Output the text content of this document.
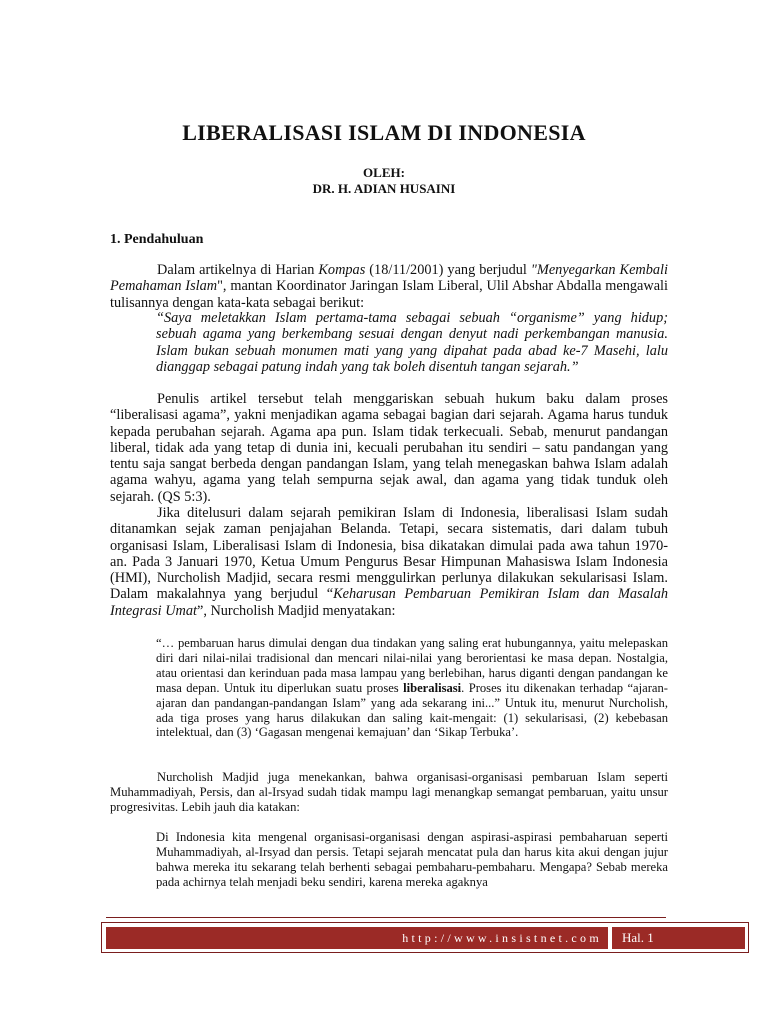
LIBERALISASI ISLAM DI INDONESIA
OLEH:
DR. H. ADIAN HUSAINI
1. Pendahuluan
Dalam artikelnya di Harian Kompas (18/11/2001) yang berjudul "Menyegarkan Kembali Pemahaman Islam", mantan Koordinator Jaringan Islam Liberal, Ulil Abshar Abdalla mengawali tulisannya dengan kata-kata sebagai berikut:
“Saya meletakkan Islam pertama-tama sebagai sebuah “organisme” yang hidup; sebuah agama yang berkembang sesuai dengan denyut nadi perkembangan manusia. Islam bukan sebuah monumen mati yang yang dipahat pada abad ke-7 Masehi, lalu dianggap sebagai patung indah yang tak boleh disentuh tangan sejarah.”
Penulis artikel tersebut telah menggariskan sebuah hukum baku dalam proses “liberalisasi agama”, yakni menjadikan agama sebagai bagian dari sejarah. Agama harus tunduk kepada perubahan sejarah. Agama apa pun. Islam tidak terkecuali. Sebab, menurut pandangan liberal, tidak ada yang tetap di dunia ini, kecuali perubahan itu sendiri – satu pandangan yang tentu saja sangat berbeda dengan pandangan Islam, yang telah menegaskan bahwa Islam adalah agama wahyu, agama yang telah sempurna sejak awal, dan agama yang tidak tunduk oleh sejarah. (QS 5:3).
Jika ditelusuri dalam sejarah pemikiran Islam di Indonesia, liberalisasi Islam sudah ditanamkan sejak zaman penjajahan Belanda. Tetapi, secara sistematis, dari dalam tubuh organisasi Islam, Liberalisasi Islam di Indonesia, bisa dikatakan dimulai pada awa tahun 1970-an. Pada 3 Januari 1970, Ketua Umum Pengurus Besar Himpunan Mahasiswa Islam Indonesia (HMI), Nurcholish Madjid, secara resmi menggulirkan perlunya dilakukan sekularisasi Islam. Dalam makalahnya yang berjudul “Keharusan Pembaruan Pemikiran Islam dan Masalah Integrasi Umat”, Nurcholish Madjid menyatakan:
“… pembaruan harus dimulai dengan dua tindakan yang saling erat hubungannya, yaitu melepaskan diri dari nilai-nilai tradisional dan mencari nilai-nilai yang berorientasi ke masa depan. Nostalgia, atau orientasi dan kerinduan pada masa lampau yang berlebihan, harus diganti dengan pandangan ke masa depan. Untuk itu diperlukan suatu proses liberalisasi. Proses itu dikenakan terhadap “ajaran-ajaran dan pandangan-pandangan Islam” yang ada sekarang ini...” Untuk itu, menurut Nurcholish, ada tiga proses yang harus dilakukan dan saling kait-mengait: (1) sekularisasi, (2) kebebasan intelektual, dan (3) ‘Gagasan mengenai kemajuan’ dan ‘Sikap Terbuka’.
Nurcholish Madjid juga menekankan, bahwa organisasi-organisasi pembaruan Islam seperti Muhammadiyah, Persis, dan al-Irsyad sudah tidak mampu lagi menangkap semangat pembaruan, yaitu unsur progresivitas. Lebih jauh dia katakan:
Di Indonesia kita mengenal organisasi-organisasi dengan aspirasi-aspirasi pembaharuan seperti Muhammadiyah, al-Irsyad dan persis. Tetapi sejarah mencatat pula dan harus kita akui dengan jujur bahwa mereka itu sekarang telah berhenti sebagai pembaharu-pembaharu. Mengapa? Sebab mereka pada achirnya telah menjadi beku sendiri, karena mereka agaknya
http://www.insistnet.com	Hal. 1
